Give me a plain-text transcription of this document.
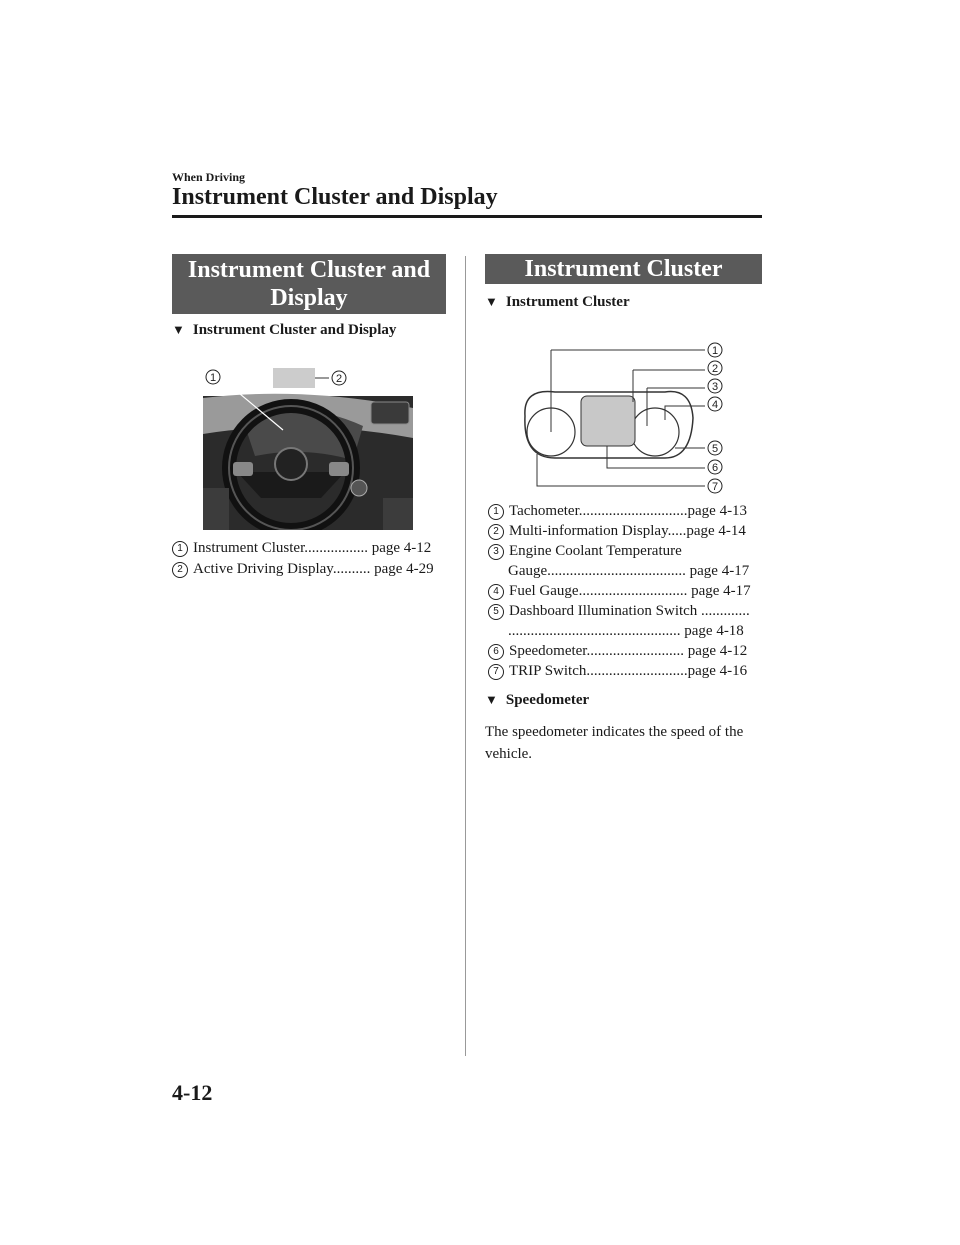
When Driving
Instrument Cluster and Display
Instrument Cluster and Display
▼ Instrument Cluster and Display
1	2
1 Instrument Cluster................. page 4-12
2 Active Driving Display.......... page 4-29
Instrument Cluster
▼ Instrument Cluster
1
2
3
4
5
6
7
1 Tachometer.............................page 4-13
2 Multi-information Display.....page 4-14
3 Engine Coolant Temperature
Gauge..................................... page 4-17
4 Fuel Gauge............................. page 4-17
5 Dashboard Illumination Switch .............
.............................................. page 4-18
6 Speedometer.......................... page 4-12
7 TRIP Switch...........................page 4-16
▼ Speedometer
The speedometer indicates the speed of the vehicle.
4-12
